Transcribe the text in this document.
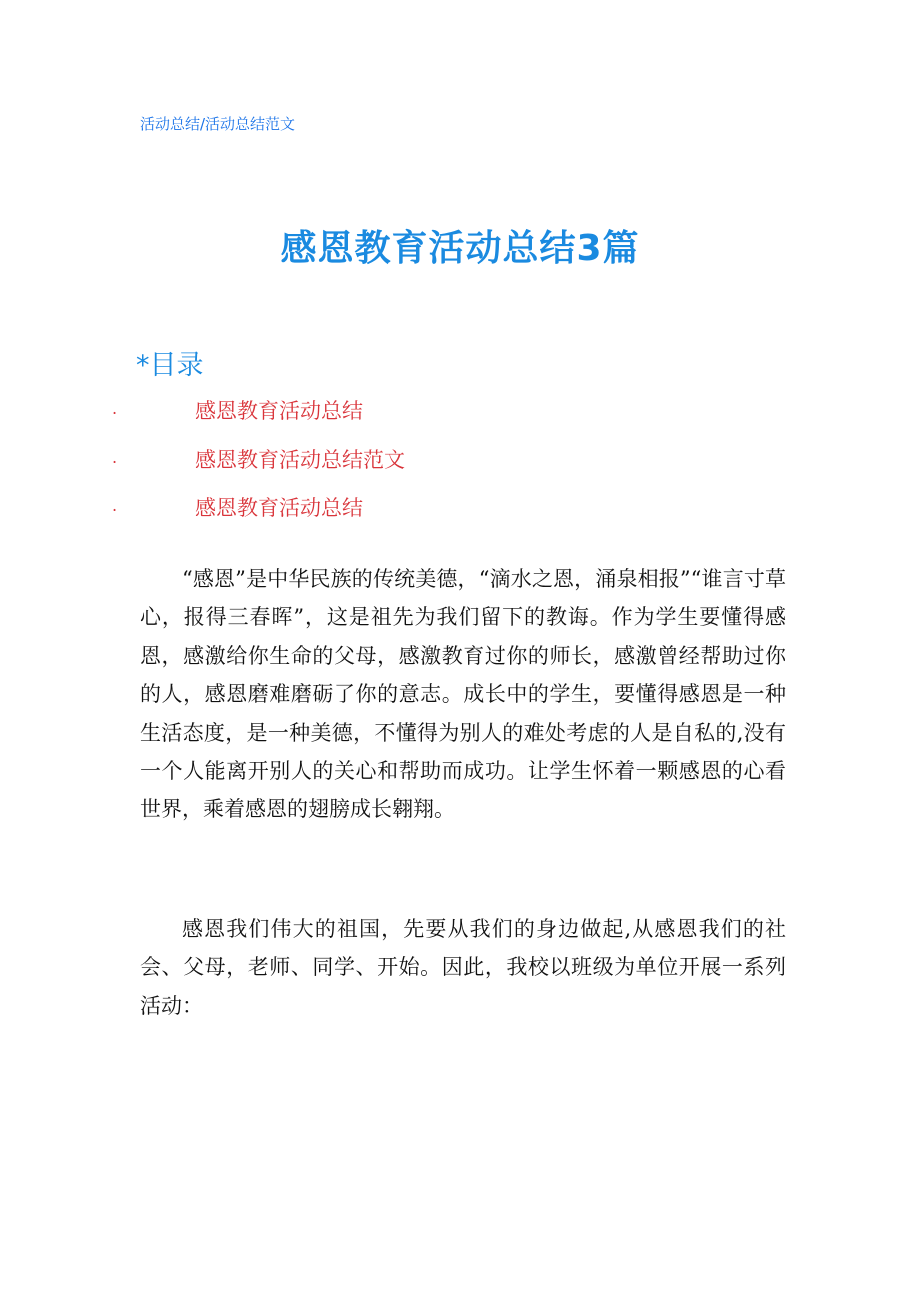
活动总结/活动总结范文
感恩教育活动总结3篇
*目录
.	感恩教育活动总结
.	感恩教育活动总结范文
.	感恩教育活动总结

“感恩”是中华民族的传统美德，“滴水之恩，涌泉相报”“谁言寸草心，报得三春晖”，这是祖先为我们留下的教诲。作为学生要懂得感恩，感激给你生命的父母，感激教育过你的师长，感激曾经帮助过你的人，感恩磨难磨砺了你的意志。成长中的学生，要懂得感恩是一种生活态度，是一种美德，不懂得为别人的难处考虑的人是自私的,没有一个人能离开别人的关心和帮助而成功。让学生怀着一颗感恩的心看世界，乘着感恩的翅膀成长翱翔。

感恩我们伟大的祖国，先要从我们的身边做起,从感恩我们的社会、父母，老师、同学、开始。因此，我校以班级为单位开展一系列活动：
